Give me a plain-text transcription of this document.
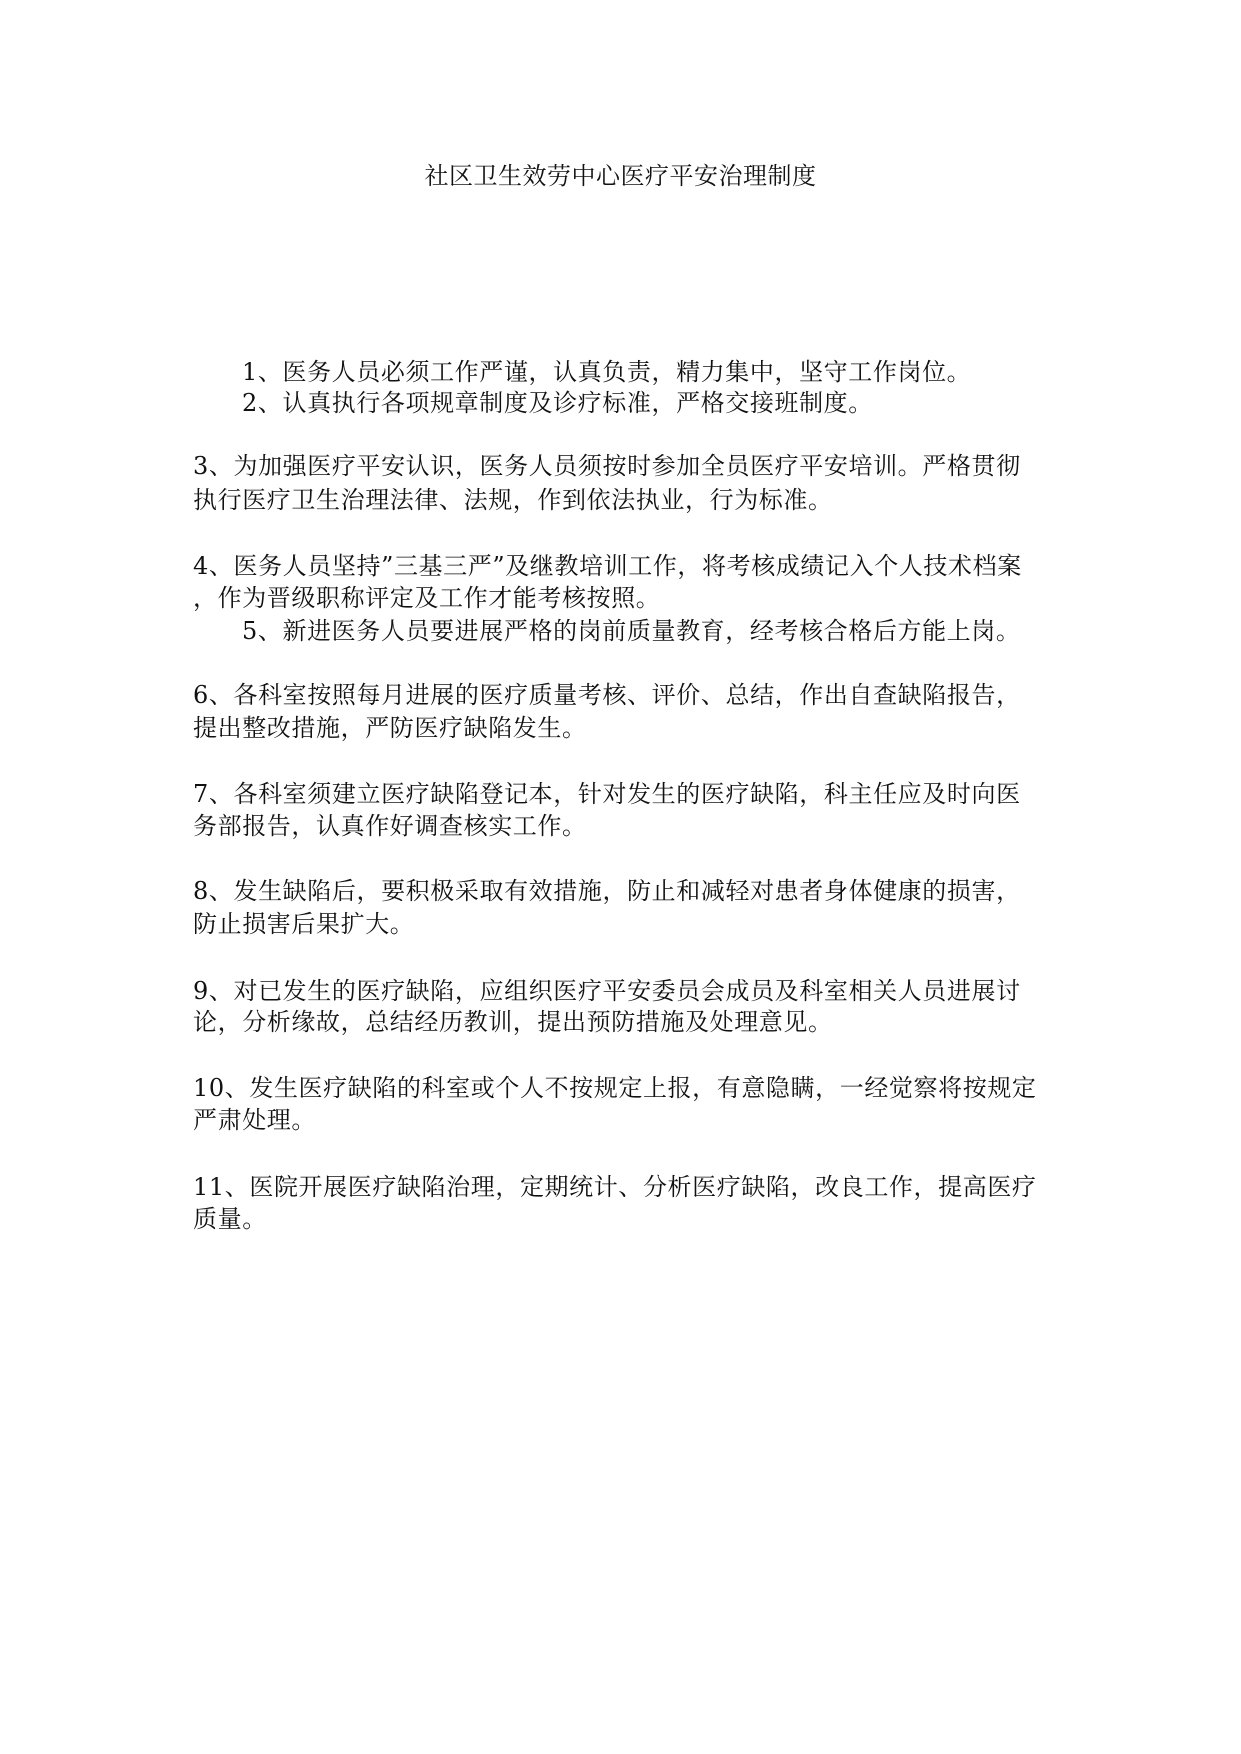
社区卫生效劳中心医疗平安治理制度

1、医务人员必须工作严谨，认真负责，精力集中，坚守工作岗位。

2、认真执行各项规章制度及诊疗标准，严格交接班制度。

3、为加强医疗平安认识，医务人员须按时参加全员医疗平安培训。严格贯彻

执行医疗卫生治理法律、法规，作到依法执业，行为标准。

4、医务人员坚持”三基三严”及继教培训工作，将考核成绩记入个人技术档案

，作为晋级职称评定及工作才能考核按照。

5、新进医务人员要进展严格的岗前质量教育，经考核合格后方能上岗。

6、各科室按照每月进展的医疗质量考核、评价、总结，作出自查缺陷报告，

提出整改措施，严防医疗缺陷发生。

7、各科室须建立医疗缺陷登记本，针对发生的医疗缺陷，科主任应及时向医

务部报告，认真作好调查核实工作。

8、发生缺陷后，要积极采取有效措施，防止和减轻对患者身体健康的损害，

防止损害后果扩大。

9、对已发生的医疗缺陷，应组织医疗平安委员会成员及科室相关人员进展讨

论，分析缘故，总结经历教训，提出预防措施及处理意见。

10、发生医疗缺陷的科室或个人不按规定上报，有意隐瞒，一经觉察将按规定

严肃处理。

11、医院开展医疗缺陷治理，定期统计、分析医疗缺陷，改良工作，提高医疗

质量。
